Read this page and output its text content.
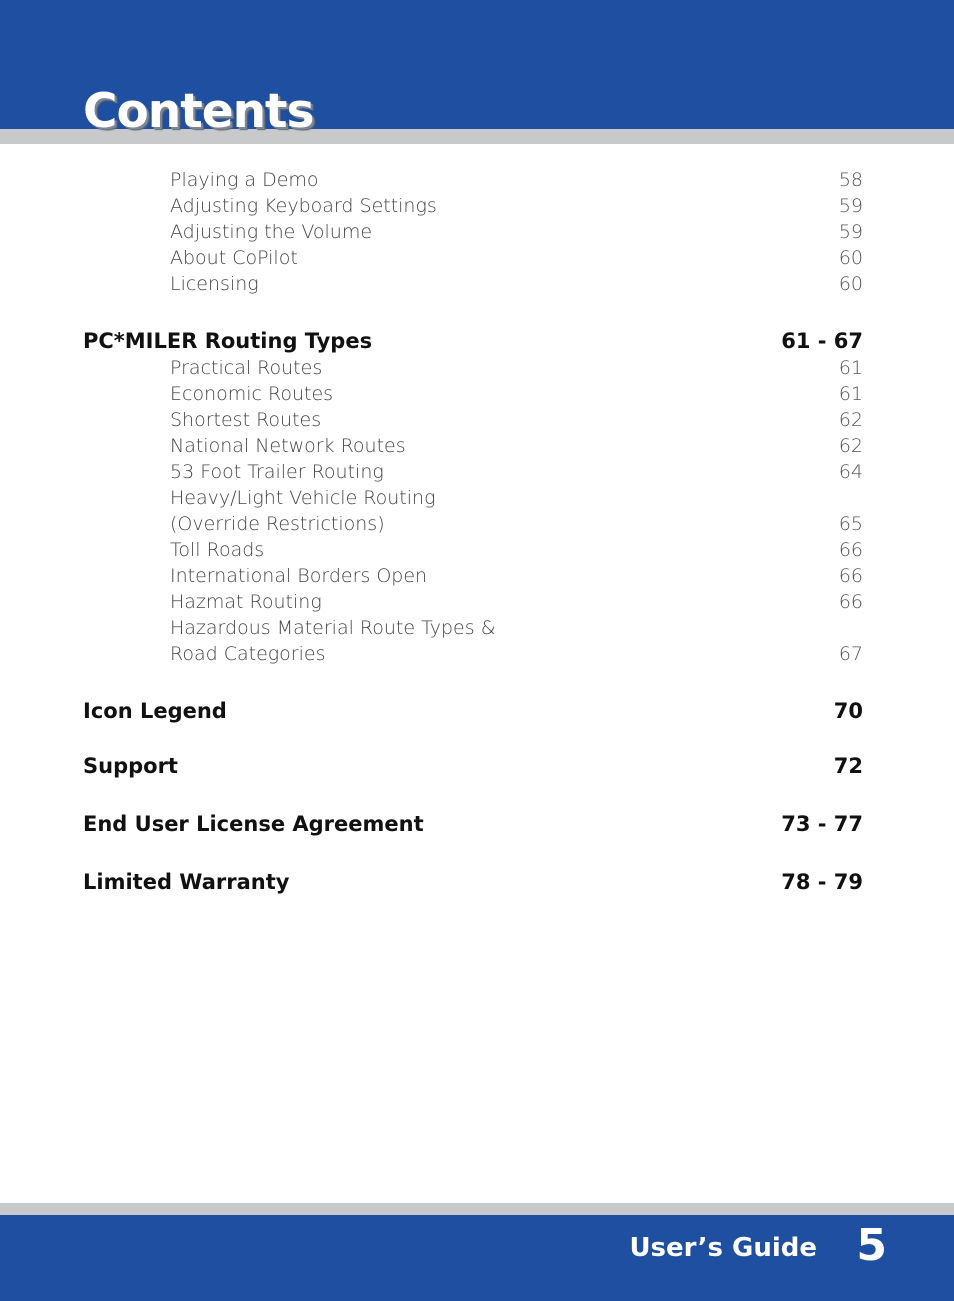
Contents
Playing a Demo	58
Adjusting Keyboard Settings	59
Adjusting the Volume	59
About CoPilot	60
Licensing	60
PC*MILER Routing Types	61 - 67
Practical Routes	61
Economic Routes	61
Shortest Routes	62
National Network Routes	62
53 Foot Trailer Routing	64
Heavy/Light Vehicle Routing
(Override Restrictions)	65
Toll Roads	66
International Borders Open	66
Hazmat Routing	66
Hazardous Material Route Types &
Road Categories	67
Icon Legend	70
Support	72
End User License Agreement	73 - 77
Limited Warranty	78 - 79
User’s Guide 5
